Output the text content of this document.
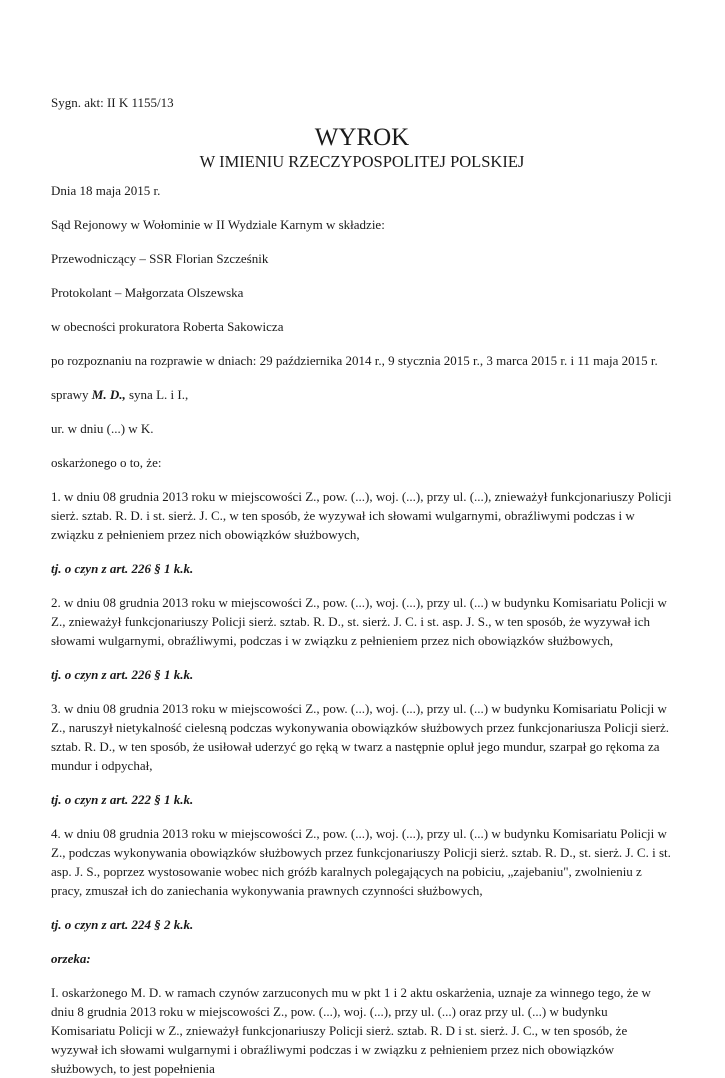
Sygn. akt: II K 1155/13

WYROK
W IMIENIU RZECZYPOSPOLITEJ POLSKIEJ

Dnia 18 maja 2015 r.

Sąd Rejonowy w Wołominie w II Wydziale Karnym w składzie:

Przewodniczący – SSR Florian Szcześnik

Protokolant – Małgorzata Olszewska

w obecności prokuratora Roberta Sakowicza

po rozpoznaniu na rozprawie w dniach: 29 października 2014 r., 9 stycznia 2015 r., 3 marca 2015 r. i 11 maja 2015 r.

sprawy M. D., syna L. i I.,

ur. w dniu (...) w K.

oskarżonego o to, że:

1. w dniu 08 grudnia 2013 roku w miejscowości Z., pow. (...), woj. (...), przy ul. (...), znieważył funkcjonariuszy Policji sierż. sztab. R. D. i st. sierż. J. C., w ten sposób, że wyzywał ich słowami wulgarnymi, obraźliwymi podczas i w związku z pełnieniem przez nich obowiązków służbowych,

tj. o czyn z art. 226 § 1 k.k.

2. w dniu 08 grudnia 2013 roku w miejscowości Z., pow. (...), woj. (...), przy ul. (...) w budynku Komisariatu Policji w Z., znieważył funkcjonariuszy Policji sierż. sztab. R. D., st. sierż. J. C. i st. asp. J. S., w ten sposób, że wyzywał ich słowami wulgarnymi, obraźliwymi, podczas i w związku z pełnieniem przez nich obowiązków służbowych,

tj. o czyn z art. 226 § 1 k.k.

3. w dniu 08 grudnia 2013 roku w miejscowości Z., pow. (...), woj. (...), przy ul. (...) w budynku Komisariatu Policji w Z., naruszył nietykalność cielesną podczas wykonywania obowiązków służbowych przez funkcjonariusza Policji sierż. sztab. R. D., w ten sposób, że usiłował uderzyć go ręką w twarz a następnie opluł jego mundur, szarpał go rękoma za mundur i odpychał,

tj. o czyn z art. 222 § 1 k.k.

4. w dniu 08 grudnia 2013 roku w miejscowości Z., pow. (...), woj. (...), przy ul. (...) w budynku Komisariatu Policji w Z., podczas wykonywania obowiązków służbowych przez funkcjonariuszy Policji sierż. sztab. R. D., st. sierż. J. C. i st. asp. J. S., poprzez wystosowanie wobec nich gróźb karalnych polegających na pobiciu, „zajebaniu", zwolnieniu z pracy, zmuszał ich do zaniechania wykonywania prawnych czynności służbowych,

tj. o czyn z art. 224 § 2 k.k.

orzeka:

I. oskarżonego M. D. w ramach czynów zarzuconych mu w pkt 1 i 2 aktu oskarżenia, uznaje za winnego tego, że w dniu 8 grudnia 2013 roku w miejscowości Z., pow. (...), woj. (...), przy ul. (...) oraz przy ul. (...) w budynku Komisariatu Policji w Z., znieważył funkcjonariuszy Policji sierż. sztab. R. D i st. sierż. J. C., w ten sposób, że wyzywał ich słowami wulgarnymi i obraźliwymi podczas i w związku z pełnieniem przez nich obowiązków służbowych, to jest popełnienia
